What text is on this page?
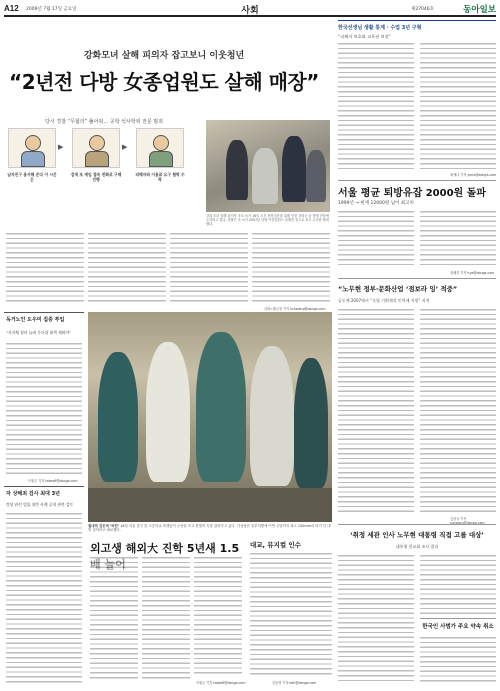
A12 2009년 7월 17일 금요일	사회	제27046호	동아일보
강화모녀 살해 피의자 잡고보니 이웃청년
“2년전 다방 女종업원도 살해 매장”
당시 경찰 “무혐의” 풀어줘… 공학 석사학위 전문 범죄
▶	▶
남자친구 용서해 준다 이 시간은
검색 또 게임 접속 전화로 구매 진행
피해자와 이용료 요구 협박 수락
강화 모녀 살해 피의자 조모 씨가 16일 오후 현장검증을 위해 인천 강화군 공 범행 현장에 도착하고 있다. 경찰은 조 씨가 2007년 다방 여종업원도 살해한 것으로 보고 수사를 확대했다.
강화=황금천 기자 kchwang@donga.com
독거노인 도우미 집중 투입
“지자체 쉼터 늘려 무더위 대책 세워야”
이원주 기자 takeoff@donga.com
자 상해죄 검사 최대 3년
정당 관련 법률 위반 사례 공개 관련 검토
절대적 검은색 ‘파란’ 16일 서울 중구 한 고등학교 학생들이 우산을 쓰고 장맛비 속을 걸어가고 있다. 기상청은 중부지방에 이번 주말까지 최고 150mm의 비가 더 내릴 것이라고 예보했다.
외고생 해외大 진학 5년새 1.5
이원주 기자 takeoff@donga.com
대교, 뮤지컬 인수
김동혁 기자 kdh@donga.com
한국선생님 생활 통계 · 수업 3년 구형
“피해자 보호와 교육권 보장”
최예나 기자 yena@donga.com
서울 평균 퇴방유잡 2000원 돌파
1999년 → 현재 12000원 넘어 최고치
정혜진 기자 hye@donga.com
“노무현 정부·문화산업 ‘점보라 잉’ 적중”
공동체 2007에서 “독립 기획제작 인력에 지원” 지적
김성규 기자 sunggyu@donga.com
‘취정 세관 인사 노무현 대통령 직접 고를 대상’
대통령 친교회 조사 결과
한국인 사범가 주요 약속 취소
